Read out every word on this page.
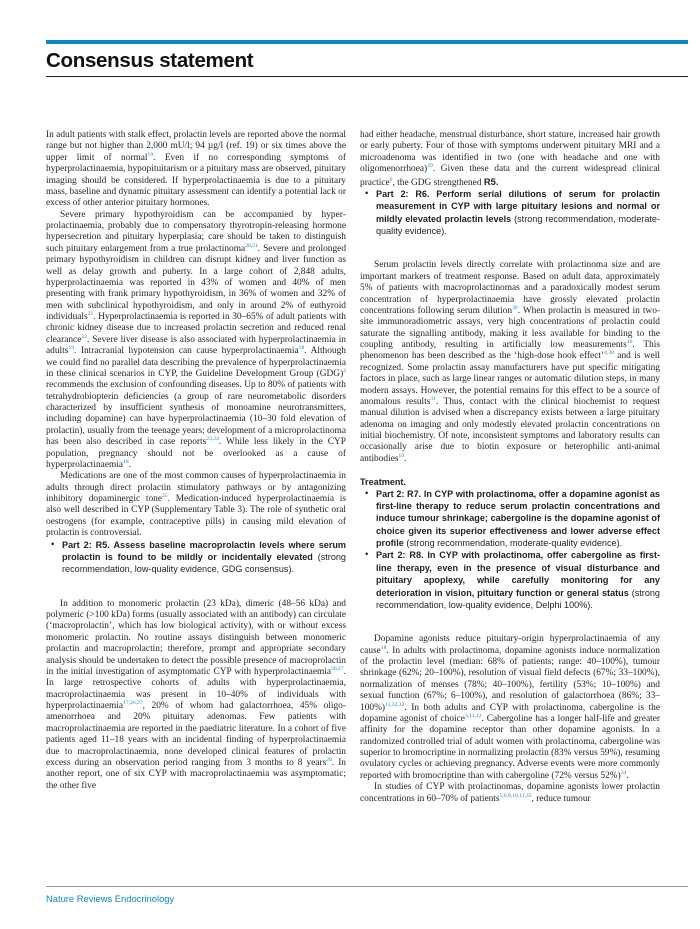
Consensus statement

In adult patients with stalk effect, prolactin levels are reported above the normal range but not higher than 2,000 mU/l; 94 µg/l (ref. 19) or six times above the upper limit of normal$^{19}$. Even if no corresponding symptoms of hyperprolactinaemia, hypopituitarism or a pituitary mass are observed, pituitary imaging should be considered. If hyperprolactinaemia is due to a pituitary mass, baseline and dynamic pituitary assessment can identify a potential lack or excess of other anterior pituitary hormones.

Severe primary hypothyroidism can be accompanied by hyperprolactinaemia, probably due to compensatory thyrotropin-releasing hormone hypersecretion and pituitary hyperplasia; care should be taken to distinguish such pituitary enlargement from a true prolactinoma$^{20,21}$. Severe and prolonged primary hypothyroidism in children can disrupt kidney and liver function as well as delay growth and puberty. In a large cohort of 2,848 adults, hyperprolactinaemia was reported in 43% of women and 40% of men presenting with frank primary hypothyroidism, in 36% of women and 32% of men with subclinical hypothyroidism, and only in around 2% of euthyroid individuals$^{21}$. Hyperprolactinaemia is reported in 30–65% of adult patients with chronic kidney disease due to increased prolactin secretion and reduced renal clearance$^{22}$. Severe liver disease is also associated with hyperprolactinaemia in adults$^{19}$. Intracranial hypotension can cause hyperprolactinaemia$^{18}$. Although we could find no parallel data describing the prevalence of hyperprolactinaemia in these clinical scenarios in CYP, the Guideline Development Group (GDG)$^2$ recommends the exclusion of confounding diseases. Up to 80% of patients with tetrahydrobiopterin deficiencies (a group of rare neurometabolic disorders characterized by insufficient synthesis of monoamine neurotransmitters, including dopamine) can have hyperprolactinaemia (10–30 fold elevation of prolactin), usually from the teenage years; development of a microprolactinoma has been also described in case reports$^{23,24}$. While less likely in the CYP population, pregnancy should not be overlooked as a cause of hyperprolactinaemia$^{18}$.

Medications are one of the most common causes of hyperprolactinaemia in adults through direct prolactin stimulatory pathways or by antagonizing inhibitory dopaminergic tone$^{25}$. Medication-induced hyperprolactinaemia is also well described in CYP (Supplementary Table 3). The role of synthetic oral oestrogens (for example, contraceptive pills) in causing mild elevation of prolactin is controversial.

• Part 2: R5. Assess baseline macroprolactin levels where serum prolactin is found to be mildly or incidentally elevated (strong recommendation, low-quality evidence, GDG consensus).

In addition to monomeric prolactin (23 kDa), dimeric (48–56 kDa) and polymeric (>100 kDa) forms (usually associated with an antibody) can circulate (‘macroprolactin’, which has low biological activity), with or without excess monomeric prolactin. No routine assays distinguish between monomeric prolactin and macroprolactin; therefore, prompt and appropriate secondary analysis should be undertaken to detect the possible presence of macroprolactin in the initial investigation of asymptomatic CYP with hyperprolactinaemia$^{26,27}$. In large retrospective cohorts of adults with hyperprolactinaemia, macroprolactinaemia was present in 10–40% of individuals with hyperprolactinaemia$^{17,26,27}$, 20% of whom had galactorrhoea, 45% oligo-amenorrhoea and 20% pituitary adenomas. Few patients with macroprolactinaemia are reported in the paediatric literature. In a cohort of five patients aged 11–18 years with an incidental finding of hyperprolactinaemia due to macroprolactinaemia, none developed clinical features of prolactin excess during an observation period ranging from 3 months to 8 years$^{28}$. In another report, one of six CYP with macroprolactinaemia was asymptomatic; the other five

had either headache, menstrual disturbance, short stature, increased hair growth or early puberty. Four of those with symptoms underwent pituitary MRI and a microadenoma was identified in two (one with headache and one with oligomenorrhoea)$^{29}$. Given these data and the current widespread clinical practice$^6$, the GDG strengthened R5.

• Part 2: R6. Perform serial dilutions of serum for prolactin measurement in CYP with large pituitary lesions and normal or mildly elevated prolactin levels (strong recommendation, moderate-quality evidence).

Serum prolactin levels directly correlate with prolactinoma size and are important markers of treatment response. Based on adult data, approximately 5% of patients with macroprolactinomas and a paradoxically modest serum concentration of hyperprolactinaemia have grossly elevated prolactin concentrations following serum dilution$^{30}$. When prolactin is measured in two-site immunoradiometric assays, very high concentrations of prolactin could saturate the signalling antibody, making it less available for binding to the coupling antibody, resulting in artificially low measurements$^{16}$. This phenomenon has been described as the ‘high-dose hook effect’$^{4,30}$ and is well recognized. Some prolactin assay manufacturers have put specific mitigating factors in place, such as large linear ranges or automatic dilution steps, in many modern assays. However, the potential remains for this effect to be a source of anomalous results$^{31}$. Thus, contact with the clinical biochemist to request manual dilution is advised when a discrepancy exists between a large pituitary adenoma on imaging and only modestly elevated prolactin concentrations on initial biochemistry. Of note, inconsistent symptoms and laboratory results can occasionally arise due to biotin exposure or heterophilic anti-animal antibodies$^{19}$.

Treatment.
• Part 2: R7. In CYP with prolactinoma, offer a dopamine agonist as first-line therapy to reduce serum prolactin concentrations and induce tumour shrinkage; cabergoline is the dopamine agonist of choice given its superior effectiveness and lower adverse effect profile (strong recommendation, moderate-quality evidence).
• Part 2: R8. In CYP with prolactinoma, offer cabergoline as first-line therapy, even in the presence of visual disturbance and pituitary apoplexy, while carefully monitoring for any deterioration in vision, pituitary function or general status (strong recommendation, low-quality evidence, Delphi 100%).

Dopamine agonists reduce pituitary-origin hyperprolactinaemia of any cause$^{18}$. In adults with prolactinoma, dopamine agonists induce normalization of the prolactin level (median: 68% of patients; range: 40–100%), tumour shrinkage (62%; 20–100%), resolution of visual field defects (67%; 33–100%), normalization of menses (78%; 40–100%), fertility (53%; 10–100%) and sexual function (67%; 6–100%), and resolution of galactorrhoea (86%; 33–100%)$^{11,32,33}$. In both adults and CYP with prolactinoma, cabergoline is the dopamine agonist of choice$^{3,11,12}$. Cabergoline has a longer half-life and greater affinity for the dopamine receptor than other dopamine agonists. In a randomized controlled trial of adult women with prolactinoma, cabergoline was superior to bromocriptine in normalizing prolactin (83% versus 59%), resuming ovulatory cycles or achieving pregnancy. Adverse events were more commonly reported with bromocriptine than with cabergoline (72% versus 52%)$^{34}$.

In studies of CYP with prolactinomas, dopamine agonists lower prolactin concentrations in 60–70% of patients$^{5,6,8,10,11,35}$, reduce tumour

Nature Reviews Endocrinology
